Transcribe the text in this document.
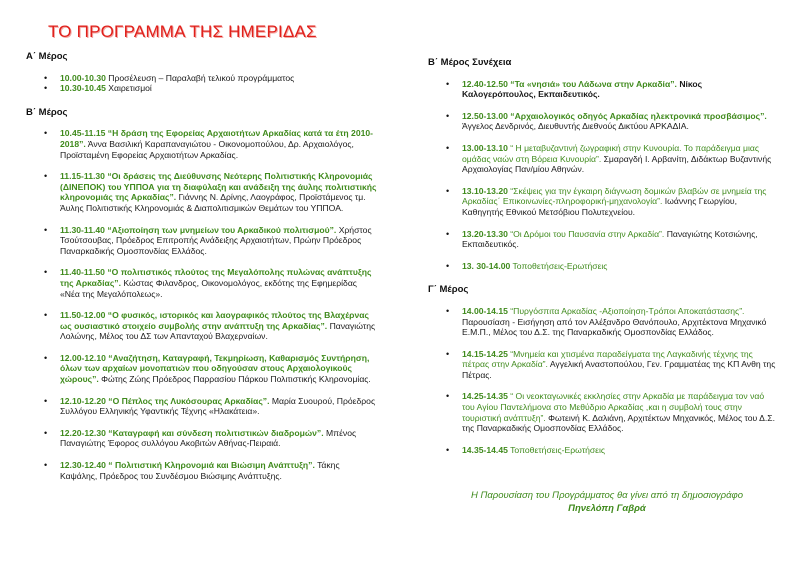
ΤΟ ΠΡΟΓΡΑΜΜΑ ΤΗΣ ΗΜΕΡΙΔΑΣ
Α΄ Μέρος
• 10.00-10.30 Προσέλευση – Παραλαβή τελικού προγράμματος
• 10.30-10.45 Χαιρετισμοί
Β΄ Μέρος
• 10.45-11.15 “Η δράση της Εφορείας Αρχαιοτήτων Αρκαδίας κατά τα έτη 2010-2018”. Άννα Βασιλική Καραπαναγιώτου - Οικονομοπούλου, Δρ. Αρχαιολόγος, Προϊσταμένη Εφορείας Αρχαιοτήτων Αρκαδίας.
• 11.15-11.30 “Οι δράσεις της Διεύθυνσης Νεότερης Πολιτιστικής Κληρονομιάς (ΔΙΝΕΠΟΚ) του ΥΠΠΟΑ για τη διαφύλαξη και ανάδειξη της άυλης πολιτιστικής κληρονομιάς της Αρκαδίας”. Γιάννης Ν. Δρίνης, Λαογράφος, Προϊστάμενος τμ. Άυλης Πολιτιστικής Κληρονομιάς & Διαπολιτισμικών Θεμάτων του ΥΠΠΟΑ.
• 11.30-11.40 “Αξιοποίηση των μνημείων του Αρκαδικού πολιτισμού”. Χρήστος Τσούτσουβας, Πρόεδρος Επιτροπής Ανάδειξης Αρχαιοτήτων, Πρώην Πρόεδρος Παναρκαδικής Ομοσπονδίας Ελλάδος.
• 11.40-11.50 “Ο πολιτιστικός πλούτος της Μεγαλόπολης πυλώνας ανάπτυξης της Αρκαδίας”. Κώστας Φιλανδρος, Οικονομολόγος, εκδότης της Εφημερίδας «Νέα της Μεγαλόπολεως».
• 11.50-12.00 “Ο φυσικός, ιστορικός και λαογραφικός πλούτος της Βλαχέρνας ως ουσιαστικό στοιχείο συμβολής στην ανάπτυξη της Αρκαδίας”. Παναγιώτης Λολώνης, Μέλος του ΔΣ των Απανταχού Βλαχερναίων.
• 12.00-12.10 “Αναζήτηση, Καταγραφή, Τεκμηρίωση, Καθαρισμός Συντήρηση, όλων των αρχαίων μονοπατιών που οδηγούσαν στους Αρχαιολογικούς χώρους”. Φώτης Ζώης Πρόεδρος Παρρασίου Πάρκου Πολιτιστικής Κληρονομίας.
• 12.10-12.20 “Ο Πέπλος της Λυκόσουρας Αρκαδίας”. Μαρία Συουρού, Πρόεδρος Συλλόγου Ελληνικής Υφαντικής Τέχνης «Ηλακάτεια».
• 12.20-12.30 “Καταγραφή και σύνδεση πολιτιστικών διαδρομών”. Μπένος Παναγιώτης Έφορος συλλόγου Ακοβιτών Αθήνας-Πειραιά.
• 12.30-12.40 “ Πολιτιστική Κληρονομιά και Βιώσιμη Ανάπτυξη”. Τάκης Καψάλης, Πρόεδρος του Συνδέσμου Βιώσιμης Ανάπτυξης.
Β΄ Μέρος Συνέχεια
• 12.40-12.50 “Τα «νησιά» του Λάδωνα στην Αρκαδία”. Νίκος Καλογερόπουλος, Εκπαιδευτικός.
• 12.50-13.00 “Αρχαιολογικός οδηγός Αρκαδίας ηλεκτρονικά προσβάσιμος”. Άγγελος Δενδρινός, Διευθυντής Διεθνούς Δικτύου ΑΡΚΑΔΙΑ.
• 13.00-13.10 “ Η μεταβυζαντινή ζωγραφική στην Κυνουρία. Το παράδειγμα μιας ομάδας ναών στη Βόρεια Κυνουρία”. Σμαραγδή Ι. Αρβανίτη, Διδάκτωρ Βυζαντινής Αρχαιολογίας Παν/μίου Αθηνών.
• 13.10-13.20 “Σκέψεις για την έγκαιρη διάγνωση δομικών βλαβών σε μνημεία της Αρκαδίας΄ Επικοινωνίες-πληροφορική-μηχανολογία”. Ιωάννης Γεωργίου, Καθηγητής Εθνικού Μετσόβιου Πολυτεχνείου.
• 13.20-13.30 “Οι Δρόμοι του Παυσανία στην Αρκαδία”. Παναγιώτης Κοτσιώνης, Εκπαιδευτικός.
• 13. 30-14.00 Τοποθετήσεις-Ερωτήσεις
Γ΄ Μέρος
• 14.00-14.15 “Πυργόσπιτα Αρκαδίας -Αξιοποίηση-Τρόποι Αποκατάστασης”. Παρουσίαση - Εισήγηση από τον Αλέξανδρο Θανόπουλο, Αρχιτέκτονα Μηχανικό Ε.Μ.Π., Μέλος του Δ.Σ. της Παναρκαδικής Ομοσπονδίας Ελλάδος.
• 14.15-14.25 “Μνημεία και χτισμένα παραδείγματα της Λαγκαδινής τέχνης της πέτρας στην Αρκαδία”. Αγγελική Αναστοπούλου, Γεν. Γραμματέας της ΚΠ Ανθη της Πέτρας.
• 14.25-14.35 “ Οι νεοκταγωνικές εκκλησίες στην Αρκαδία με παράδειγμα τον ναό του Αγίου Παντελήμονα στο Μεθύδριο Αρκαδίας ,και η συμβολή τους στην τουριστική ανάπτυξη”. Φωτεινή Κ. Δαλιάνη, Αρχιτέκτων Μηχανικός, Μέλος του Δ.Σ. της Παναρκαδικής Ομοσπονδίας Ελλάδος.
• 14.35-14.45 Τοποθετήσεις-Ερωτήσεις
Η Παρουσίαση του Προγράμματος θα γίνει από τη δημοσιογράφο
Πηνελόπη Γαβρά
